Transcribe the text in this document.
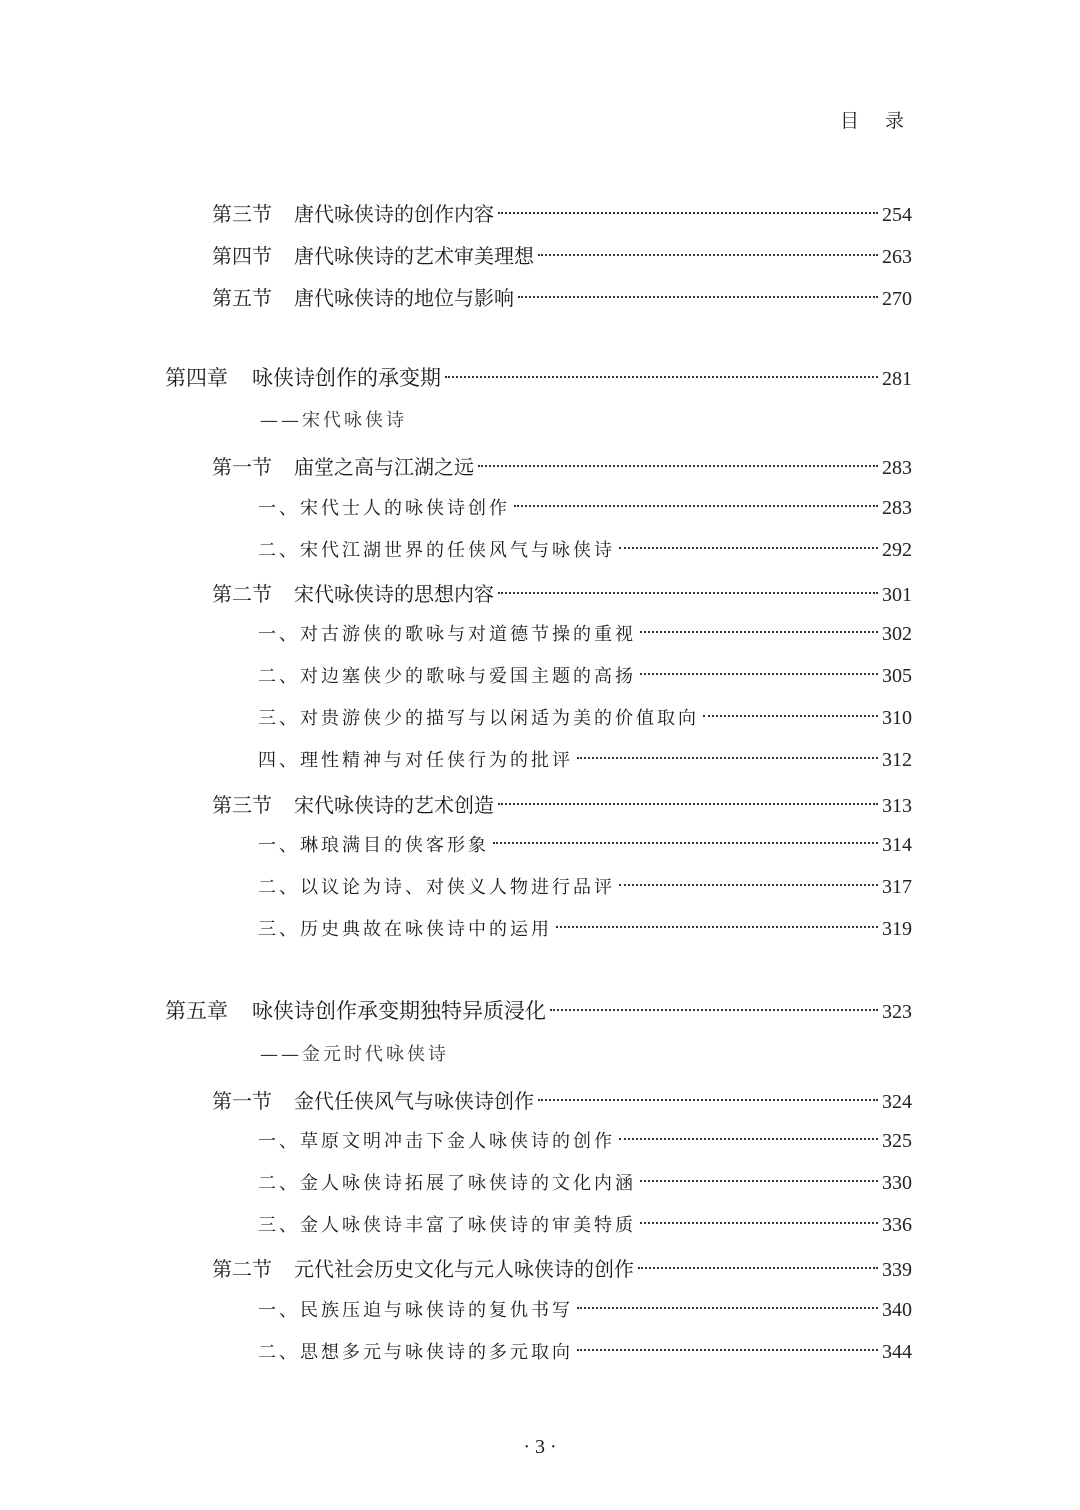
目 录
第三节 唐代咏侠诗的创作内容	254
第四节 唐代咏侠诗的艺术审美理想	263
第五节 唐代咏侠诗的地位与影响	270
第四章 咏侠诗创作的承变期	281
——宋代咏侠诗
第一节 庙堂之高与江湖之远	283
一、 宋代士人的咏侠诗创作	283
二、 宋代江湖世界的任侠风气与咏侠诗	292
第二节 宋代咏侠诗的思想内容	301
一、 对古游侠的歌咏与对道德节操的重视	302
二、 对边塞侠少的歌咏与爱国主题的高扬	305
三、 对贵游侠少的描写与以闲适为美的价值取向	310
四、 理性精神与对任侠行为的批评	312
第三节 宋代咏侠诗的艺术创造	313
一、 琳琅满目的侠客形象	314
二、 以议论为诗、对侠义人物进行品评	317
三、 历史典故在咏侠诗中的运用	319
第五章 咏侠诗创作承变期独特异质浸化	323
——金元时代咏侠诗
第一节 金代任侠风气与咏侠诗创作	324
一、 草原文明冲击下金人咏侠诗的创作	325
二、 金人咏侠诗拓展了咏侠诗的文化内涵	330
三、 金人咏侠诗丰富了咏侠诗的审美特质	336
第二节 元代社会历史文化与元人咏侠诗的创作	339
一、 民族压迫与咏侠诗的复仇书写	340
二、 思想多元与咏侠诗的多元取向	344
· 3 ·
